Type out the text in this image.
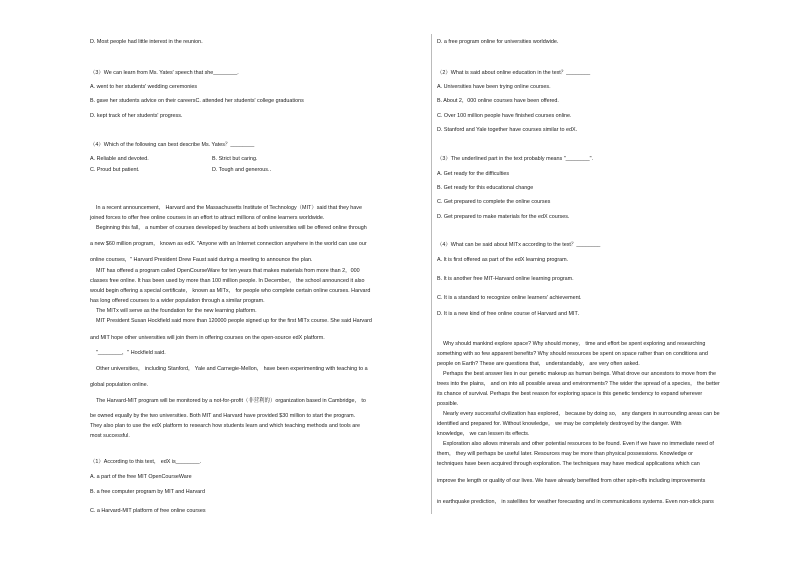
D. Most people had little interest in the reunion．
（3）We can learn from Ms. Yates' speech that she________.
A. went to her students' wedding ceremonies
B. gave her students advice on their careersC. attended her students' college graduations
D. kept track of her students' progress．
（4）Which of the following can best describe Ms. Yates？________
A. Reliable and devoted.	B. Strict but caring.
C. Proud but patient.	D. Tough and generous.．
In a recent announcement， Harvard and the Massachusetts Institute of Technology（MIT）said that they have
joined forces to offer free online courses in an effort to attract millions of online learners worldwide.
Beginning this fall， a number of courses developed by teachers at both universities will be offered online through
a new $60 million program， known as edX. "Anyone with an Internet connection anywhere in the world can use our
online courses，" Harvard President Drew Faust said during a meeting to announce the plan.
MIT has offered a program called OpenCourseWare for ten years that makes materials from more than 2，000
classes free online. It has been used by more than 100 million people. In December， the school announced it also
would begin offering a special certificate， known as MITx， for people who complete certain online courses. Harvard
has long offered courses to a wider population through a similar program.
The MITx will serve as the foundation for the new learning platform.
MIT President Susan Hockfield said more than 120000 people signed up for the first MITx course. She said Harvard
and MIT hope other universities will join them in offering courses on the open-source edX platform.
"________，" Hockfield said.
Other universities， including Stanford， Yale and Carnegie-Mellon， have been experimenting with teaching to a
global population online.
The Harvard-MIT program will be monitored by a not-for-profit（非营利的）organization based in Cambridge， to
be owned equally by the two universities. Both MIT and Harvard have provided $30 million to start the program.
They also plan to use the edX platform to research how students learn and which teaching methods and tools are
most successful.
（1）According to this text， edX is________.
A. a part of the free MIT OpenCourseWare
B. a free computer program by MIT and Harvard
C. a Harvard-MIT platform of free online courses
D. a free program online for universities worldwide．
（2）What is said about online education in the text？________
A. Universities have been trying online courses.
B. About 2，000 online courses have been offered.
C. Over 100 million people have finished courses online.
D. Stanford and Yale together have courses similar to edX．
（3）The underlined part in the text probably means "________".
A. Get ready for the difficulties
B. Get ready for this educational change
C. Get prepared to complete the online courses
D. Get prepared to make materials for the edX courses．
（4）What can be said about MITx according to the text？________
A. It is first offered as part of the edX learning program.
B. It is another free MIT-Harvard online learning program.
C. It is a standard to recognize online learners' achievement.
D. It is a new kind of free online course of Harvard and MIT．
Why should mankind explore space? Why should money， time and effort be spent exploring and researching
something with so few apparent benefits? Why should resources be spent on space rather than on conditions and
people on Earth? These are questions that， understandably， are very often asked.
Perhaps the best answer lies in our genetic makeup as human beings. What drove our ancestors to move from the
trees into the plains， and on into all possible areas and environments? The wider the spread of a species， the better
its chance of survival. Perhaps the best reason for exploring space is this genetic tendency to expand wherever
possible.
Nearly every successful civilization has explored， because by doing so， any dangers in surrounding areas can be
identified and prepared for. Without knowledge， we may be completely destroyed by the danger. With
knowledge， we can lessen its effects.
Exploration also allows minerals and other potential resources to be found. Even if we have no immediate need of
them， they will perhaps be useful later. Resources may be more than physical possessions. Knowledge or
techniques have been acquired through exploration. The techniques may have medical applications which can
improve the length or quality of our lives. We have already benefited from other spin-offs including improvements
in earthquake prediction， in satellites for weather forecasting and in communications systems. Even non-stick pans
